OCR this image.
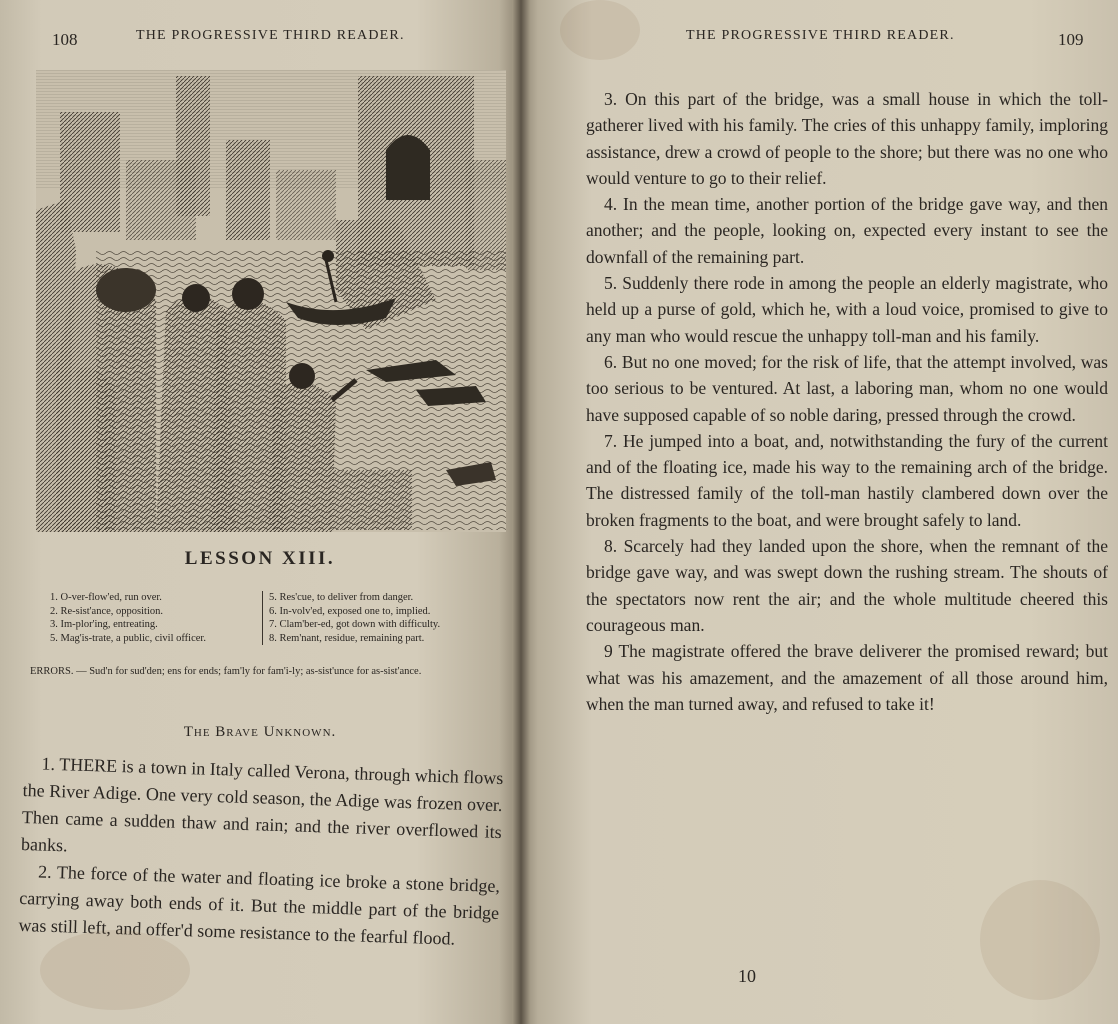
108	THE PROGRESSIVE THIRD READER.
LESSON XIII.
1. O-ver-flow'ed, run over.
2. Re-sist'ance, opposition.
3. Im-plor'ing, entreating.
5. Mag'is-trate, a public, civil officer.
5. Res'cue, to deliver from danger.
6. In-volv'ed, exposed one to, implied.
7. Clam'ber-ed, got down with difficulty.
8. Rem'nant, residue, remaining part.
ERRORS. — Sud'n for sud'den; ens for ends; fam'ly for fam'i-ly; as-sist'unce for as-sist'ance.
The Brave Unknown.

1. THERE is a town in Italy called Verona, through which flows the River Adige. One very cold season, the Adige was frozen over. Then came a sudden thaw and rain; and the river overflowed its banks.

2. The force of the water and floating ice broke a stone bridge, carrying away both ends of it. But the middle part of the bridge was still left, and offer'd some resistance to the fearful flood.

THE PROGRESSIVE THIRD READER.	109

3. On this part of the bridge, was a small house in which the toll-gatherer lived with his family. The cries of this unhappy family, imploring assistance, drew a crowd of people to the shore; but there was no one who would venture to go to their relief.

4. In the mean time, another portion of the bridge gave way, and then another; and the people, looking on, expected every instant to see the downfall of the remaining part.

5. Suddenly there rode in among the people an elderly magistrate, who held up a purse of gold, which he, with a loud voice, promised to give to any man who would rescue the unhappy toll-man and his family.

6. But no one moved; for the risk of life, that the attempt involved, was too serious to be ventured. At last, a laboring man, whom no one would have supposed capable of so noble daring, pressed through the crowd.

7. He jumped into a boat, and, notwithstanding the fury of the current and of the floating ice, made his way to the remaining arch of the bridge. The distressed family of the toll-man hastily clambered down over the broken fragments to the boat, and were brought safely to land.

8. Scarcely had they landed upon the shore, when the remnant of the bridge gave way, and was swept down the rushing stream. The shouts of the spectators now rent the air; and the whole multitude cheered this courageous man.

9 The magistrate offered the brave deliverer the promised reward; but what was his amazement, and the amazement of all those around him, when the man turned away, and refused to take it!

10
